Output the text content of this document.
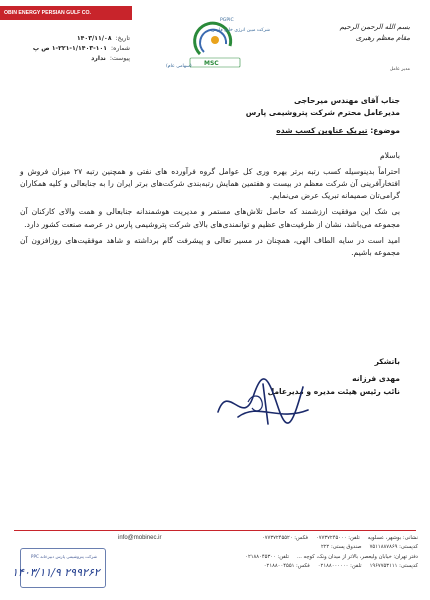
OBIN ENERGY PERSIAN GULF CO.
تاریخ:
۱۴۰۳/۱۱/۰۸
شماره:
۱-۲۲۱-۱/۱۴۰۳-۱۰۱ ص پ
پیوست:
ندارد
PGPIC
شرکت مبین انرژی خلیج فارس
MSC
(سهامی عام)
بسم الله الرحمن الرحیم
مقام معظم رهبری
مدیر عامل
جناب آقای مهندس میرحاجی
مدیرعامل محترم شرکت پتروشیمی پارس
موضوع: تبریک عناوین کسب شده
باسلام

احتراماً بدینوسیله کسب رتبه برتر بهره وری کل عوامل گروه فرآورده های نفتی و همچنین رتبه ۲۷ میزان فروش و افتخارآفرینی آن شرکت معظم در بیست و هفتمین همایش رتبه‌بندی شرکت‌های برتر ایران را به جنابعالی و کلیه همکاران گرامی‌تان صمیمانه تبریک عرض می‌نمایم.

بی شک این موفقیت ارزشمند که حاصل تلاش‌های مستمر و مدیریت هوشمندانه جنابعالی و همت والای کارکنان آن مجموعه می‌باشد، نشان از ظرفیت‌های عظیم و توانمندی‌های بالای شرکت پتروشیمی پارس در عرصه صنعت کشور دارد.

امید است در سایه الطاف الهی، همچنان در مسیر تعالی و پیشرفت گام برداشته و شاهد موفقیت‌های روزافزون آن مجموعه باشیم.

باتشکر
مهدی فرزانه
نائب رئیس هیئت مدیره و مدیرعامل
info@mobinec.ir	نشانی: بوشهر، عسلویه
تلفن: ۰۷۷۳۷۲۴۵۰۰۰
فکس: ۰۷۷۳۷۲۴۵۵۲۰
کدپستی: ۷۵۱۱۸۸۷۸۶۹
صندوق پستی: ۲۲۲
دفتر تهران: خیابان ولیعصر، بالاتر از میدان ونک، کوچه ...
تلفن: ۰۲۱۸۸۰۴۵۳۰۰
کدپستی: ۱۹۶۷۷۵۳۱۱۱
تلفن: ۰۲۱۸۸۰۰۰۰۰۰
فکس: ۰۲۱۸۸۰۰۴۵۵۱
شرکت پتروشیمی پارس دبیرخانه PPC
۱۴۰۳/۱۱/۹ ۲۹۹۲۶۲
